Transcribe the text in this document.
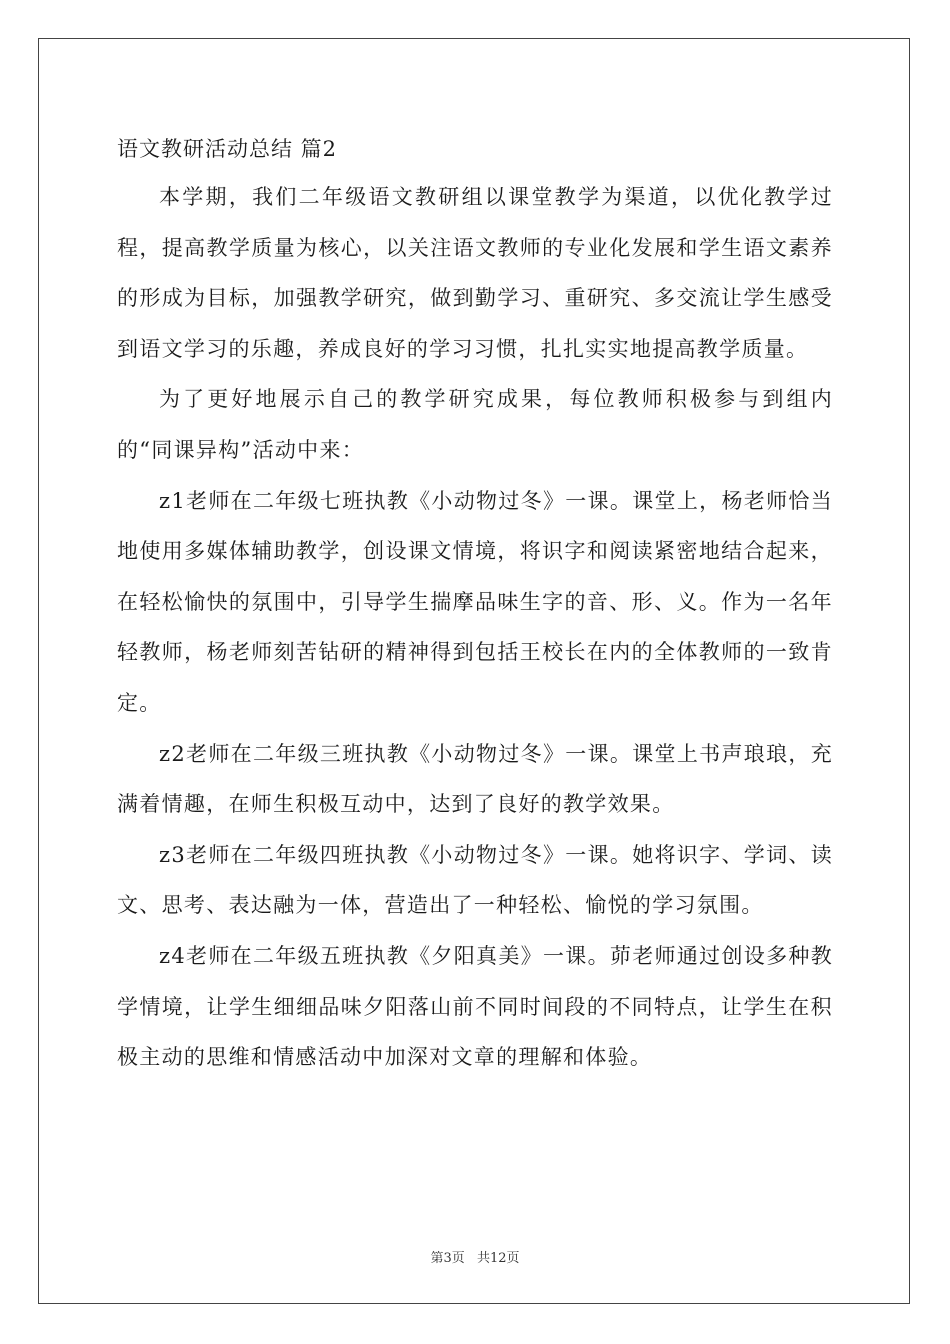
语文教研活动总结 篇2

本学期，我们二年级语文教研组以课堂教学为渠道，以优化教学过程，提高教学质量为核心，以关注语文教师的专业化发展和学生语文素养的形成为目标，加强教学研究，做到勤学习、重研究、多交流让学生感受到语文学习的乐趣，养成良好的学习习惯，扎扎实实地提高教学质量。

为了更好地展示自己的教学研究成果，每位教师积极参与到组内的“同课异构”活动中来：

z1老师在二年级七班执教《小动物过冬》一课。课堂上，杨老师恰当地使用多媒体辅助教学，创设课文情境，将识字和阅读紧密地结合起来，在轻松愉快的氛围中，引导学生揣摩品味生字的音、形、义。作为一名年轻教师，杨老师刻苦钻研的精神得到包括王校长在内的全体教师的一致肯定。

z2老师在二年级三班执教《小动物过冬》一课。课堂上书声琅琅，充满着情趣，在师生积极互动中，达到了良好的教学效果。

z3老师在二年级四班执教《小动物过冬》一课。她将识字、学词、读文、思考、表达融为一体，营造出了一种轻松、愉悦的学习氛围。

z4老师在二年级五班执教《夕阳真美》一课。茆老师通过创设多种教学情境，让学生细细品味夕阳落山前不同时间段的不同特点，让学生在积极主动的思维和情感活动中加深对文章的理解和体验。

第3页 共12页
